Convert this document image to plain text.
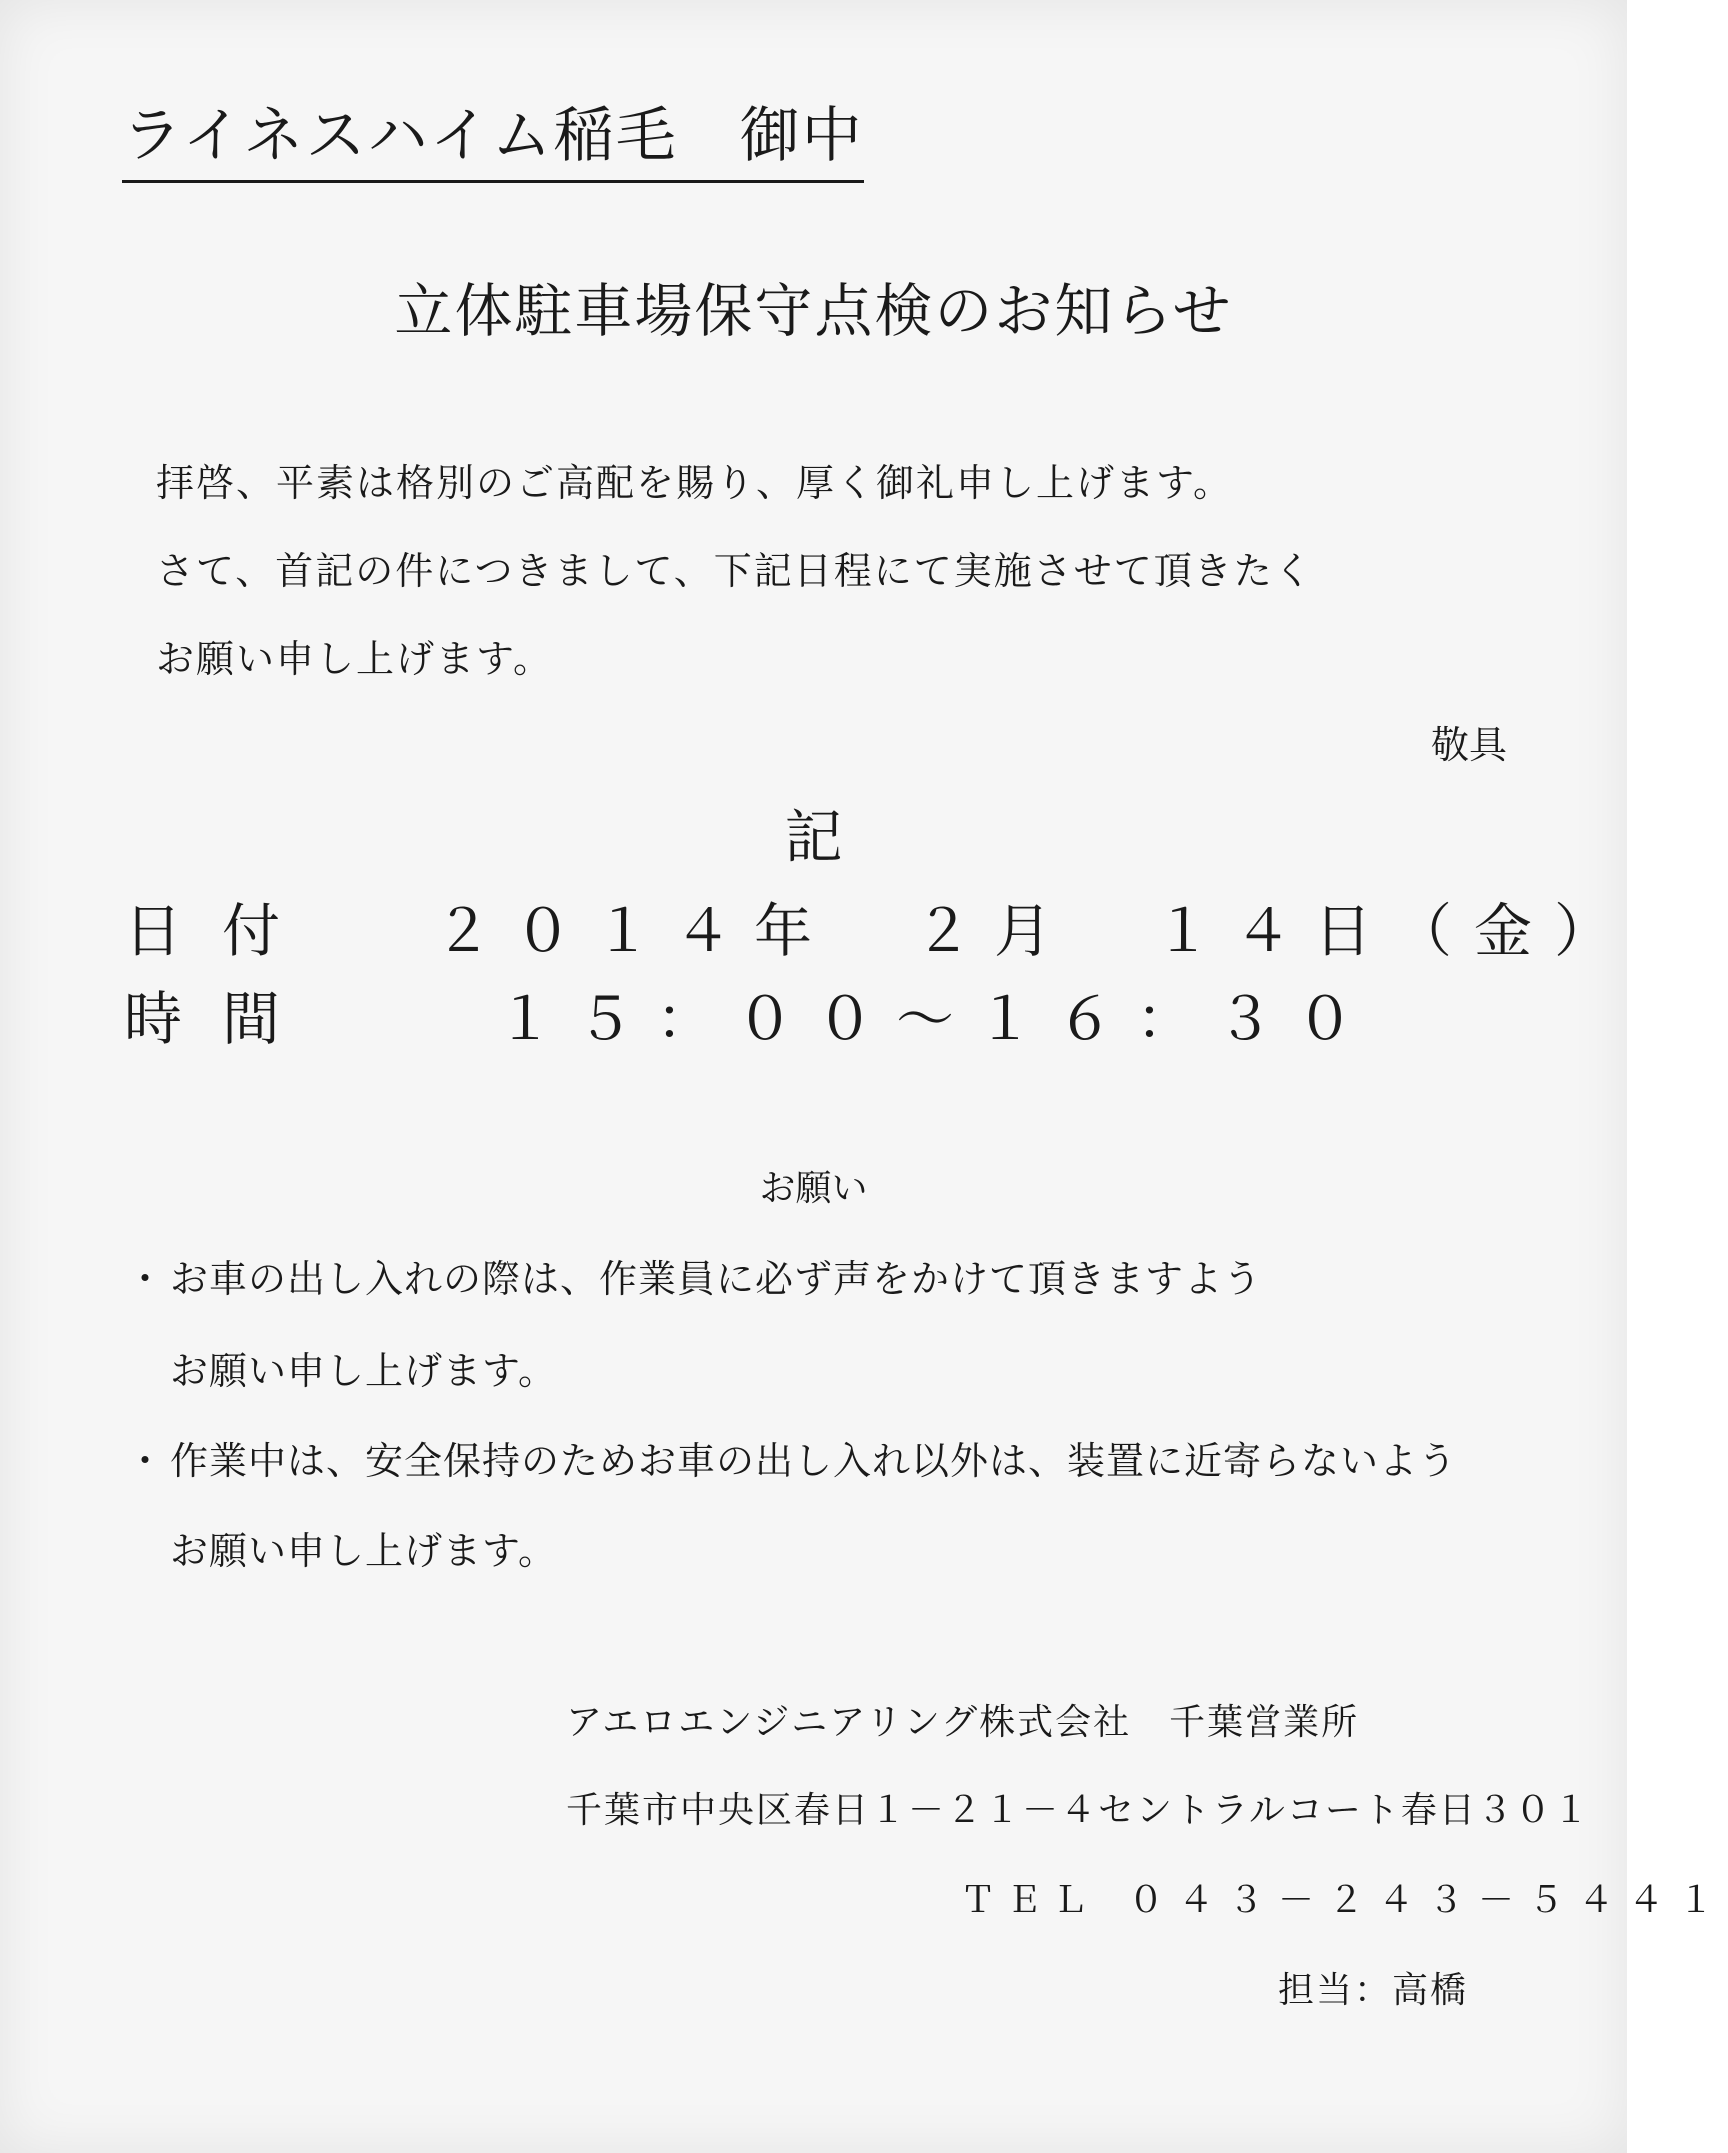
ライネスハイム稲毛　御中
立体駐車場保守点検のお知らせ
拝啓、平素は格別のご高配を賜り、厚く御礼申し上げます。
さて、首記の件につきまして、下記日程にて実施させて頂きたく
お願い申し上げます。
敬具
記
日付 ２０１４年　２月　１４日（金）
時間	１５：００〜１６：３０
お願い
・ お車の出し入れの際は、作業員に必ず声をかけて頂きますよう
お願い申し上げます。
・ 作業中は、安全保持のためお車の出し入れ以外は、装置に近寄らないよう
お願い申し上げます。
アエロエンジニアリング株式会社　千葉営業所
千葉市中央区春日１－２１－４セントラルコート春日３０１
ＴＥＬ ０４３－２４３－５４４１
担当：高橋
